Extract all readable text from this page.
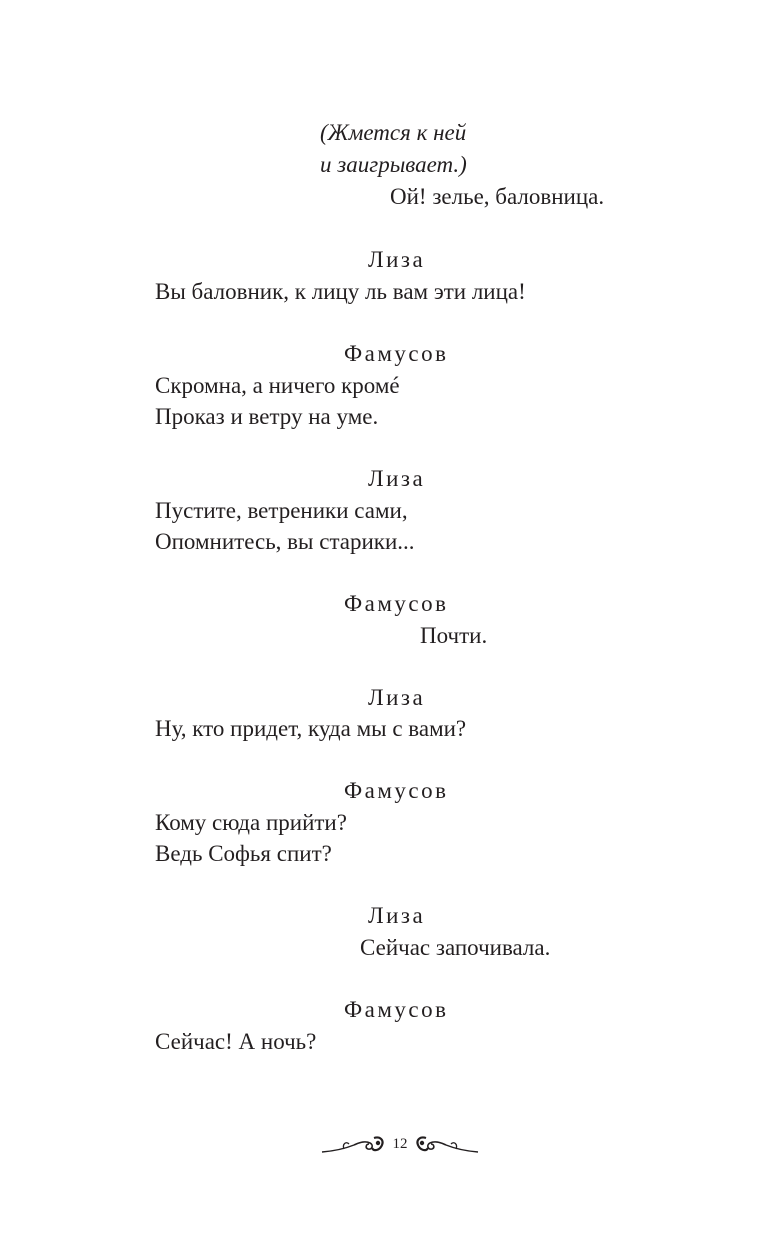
(Жмется к ней
и заигрывает.)
Ой! зелье, баловница.
Лиза
Вы баловник, к лицу ль вам эти лица!
Фамусов
Скромна, а ничего кромé
Проказ и ветру на уме.
Лиза
Пустите, ветреники сами,
Опомнитесь, вы старики...
Фамусов
Почти.
Лиза
Ну, кто придет, куда мы с вами?
Фамусов
Кому сюда прийти?
Ведь Софья спит?
Лиза
Сейчас започивала.
Фамусов
Сейчас! А ночь?
12
